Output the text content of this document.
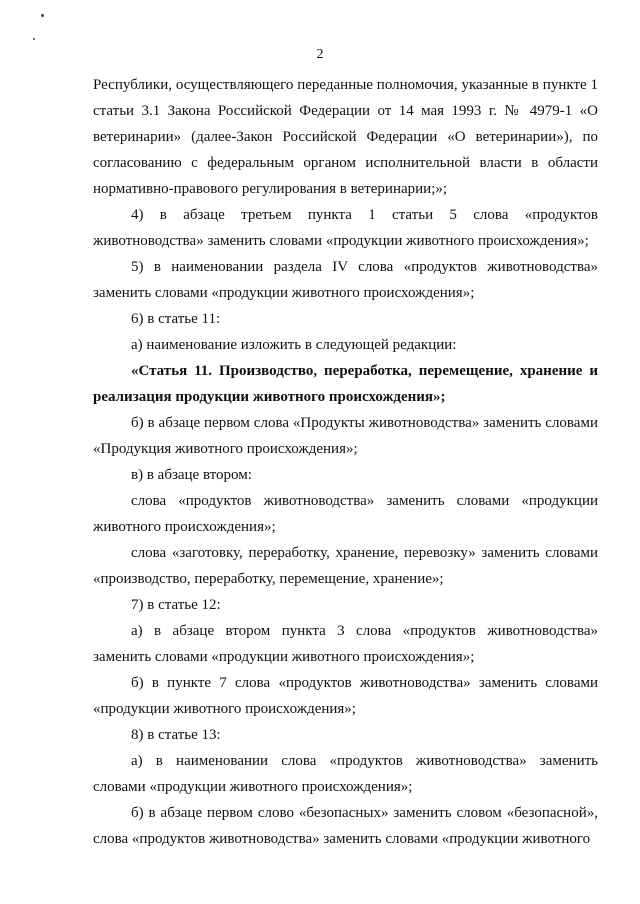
2

Республики, осуществляющего переданные полномочия, указанные в пункте 1 статьи 3.1 Закона Российской Федерации от 14 мая 1993 г. № 4979-1 «О ветеринарии» (далее-Закон Российской Федерации «О ветеринарии»), по согласованию с федеральным органом исполнительной власти в области нормативно-правового регулирования в ветеринарии;»;

4) в абзаце третьем пункта 1 статьи 5 слова «продуктов животноводства» заменить словами «продукции животного происхождения»;

5) в наименовании раздела IV слова «продуктов животноводства» заменить словами «продукции животного происхождения»;

6) в статье 11:

а) наименование изложить в следующей редакции:

«Статья 11. Производство, переработка, перемещение, хранение и реализация продукции животного происхождения»;

б) в абзаце первом слова «Продукты животноводства» заменить словами «Продукция животного происхождения»;

в) в абзаце втором:

слова «продуктов животноводства» заменить словами «продукции животного происхождения»;

слова «заготовку, переработку, хранение, перевозку» заменить словами «производство, переработку, перемещение, хранение»;

7) в статье 12:

а) в абзаце втором пункта 3 слова «продуктов животноводства» заменить словами «продукции животного происхождения»;

б) в пункте 7 слова «продуктов животноводства» заменить словами «продукции животного происхождения»;

8) в статье 13:

а) в наименовании слова «продуктов животноводства» заменить словами «продукции животного происхождения»;

б) в абзаце первом слово «безопасных» заменить словом «безопасной», слова «продуктов животноводства» заменить словами «продукции животного
